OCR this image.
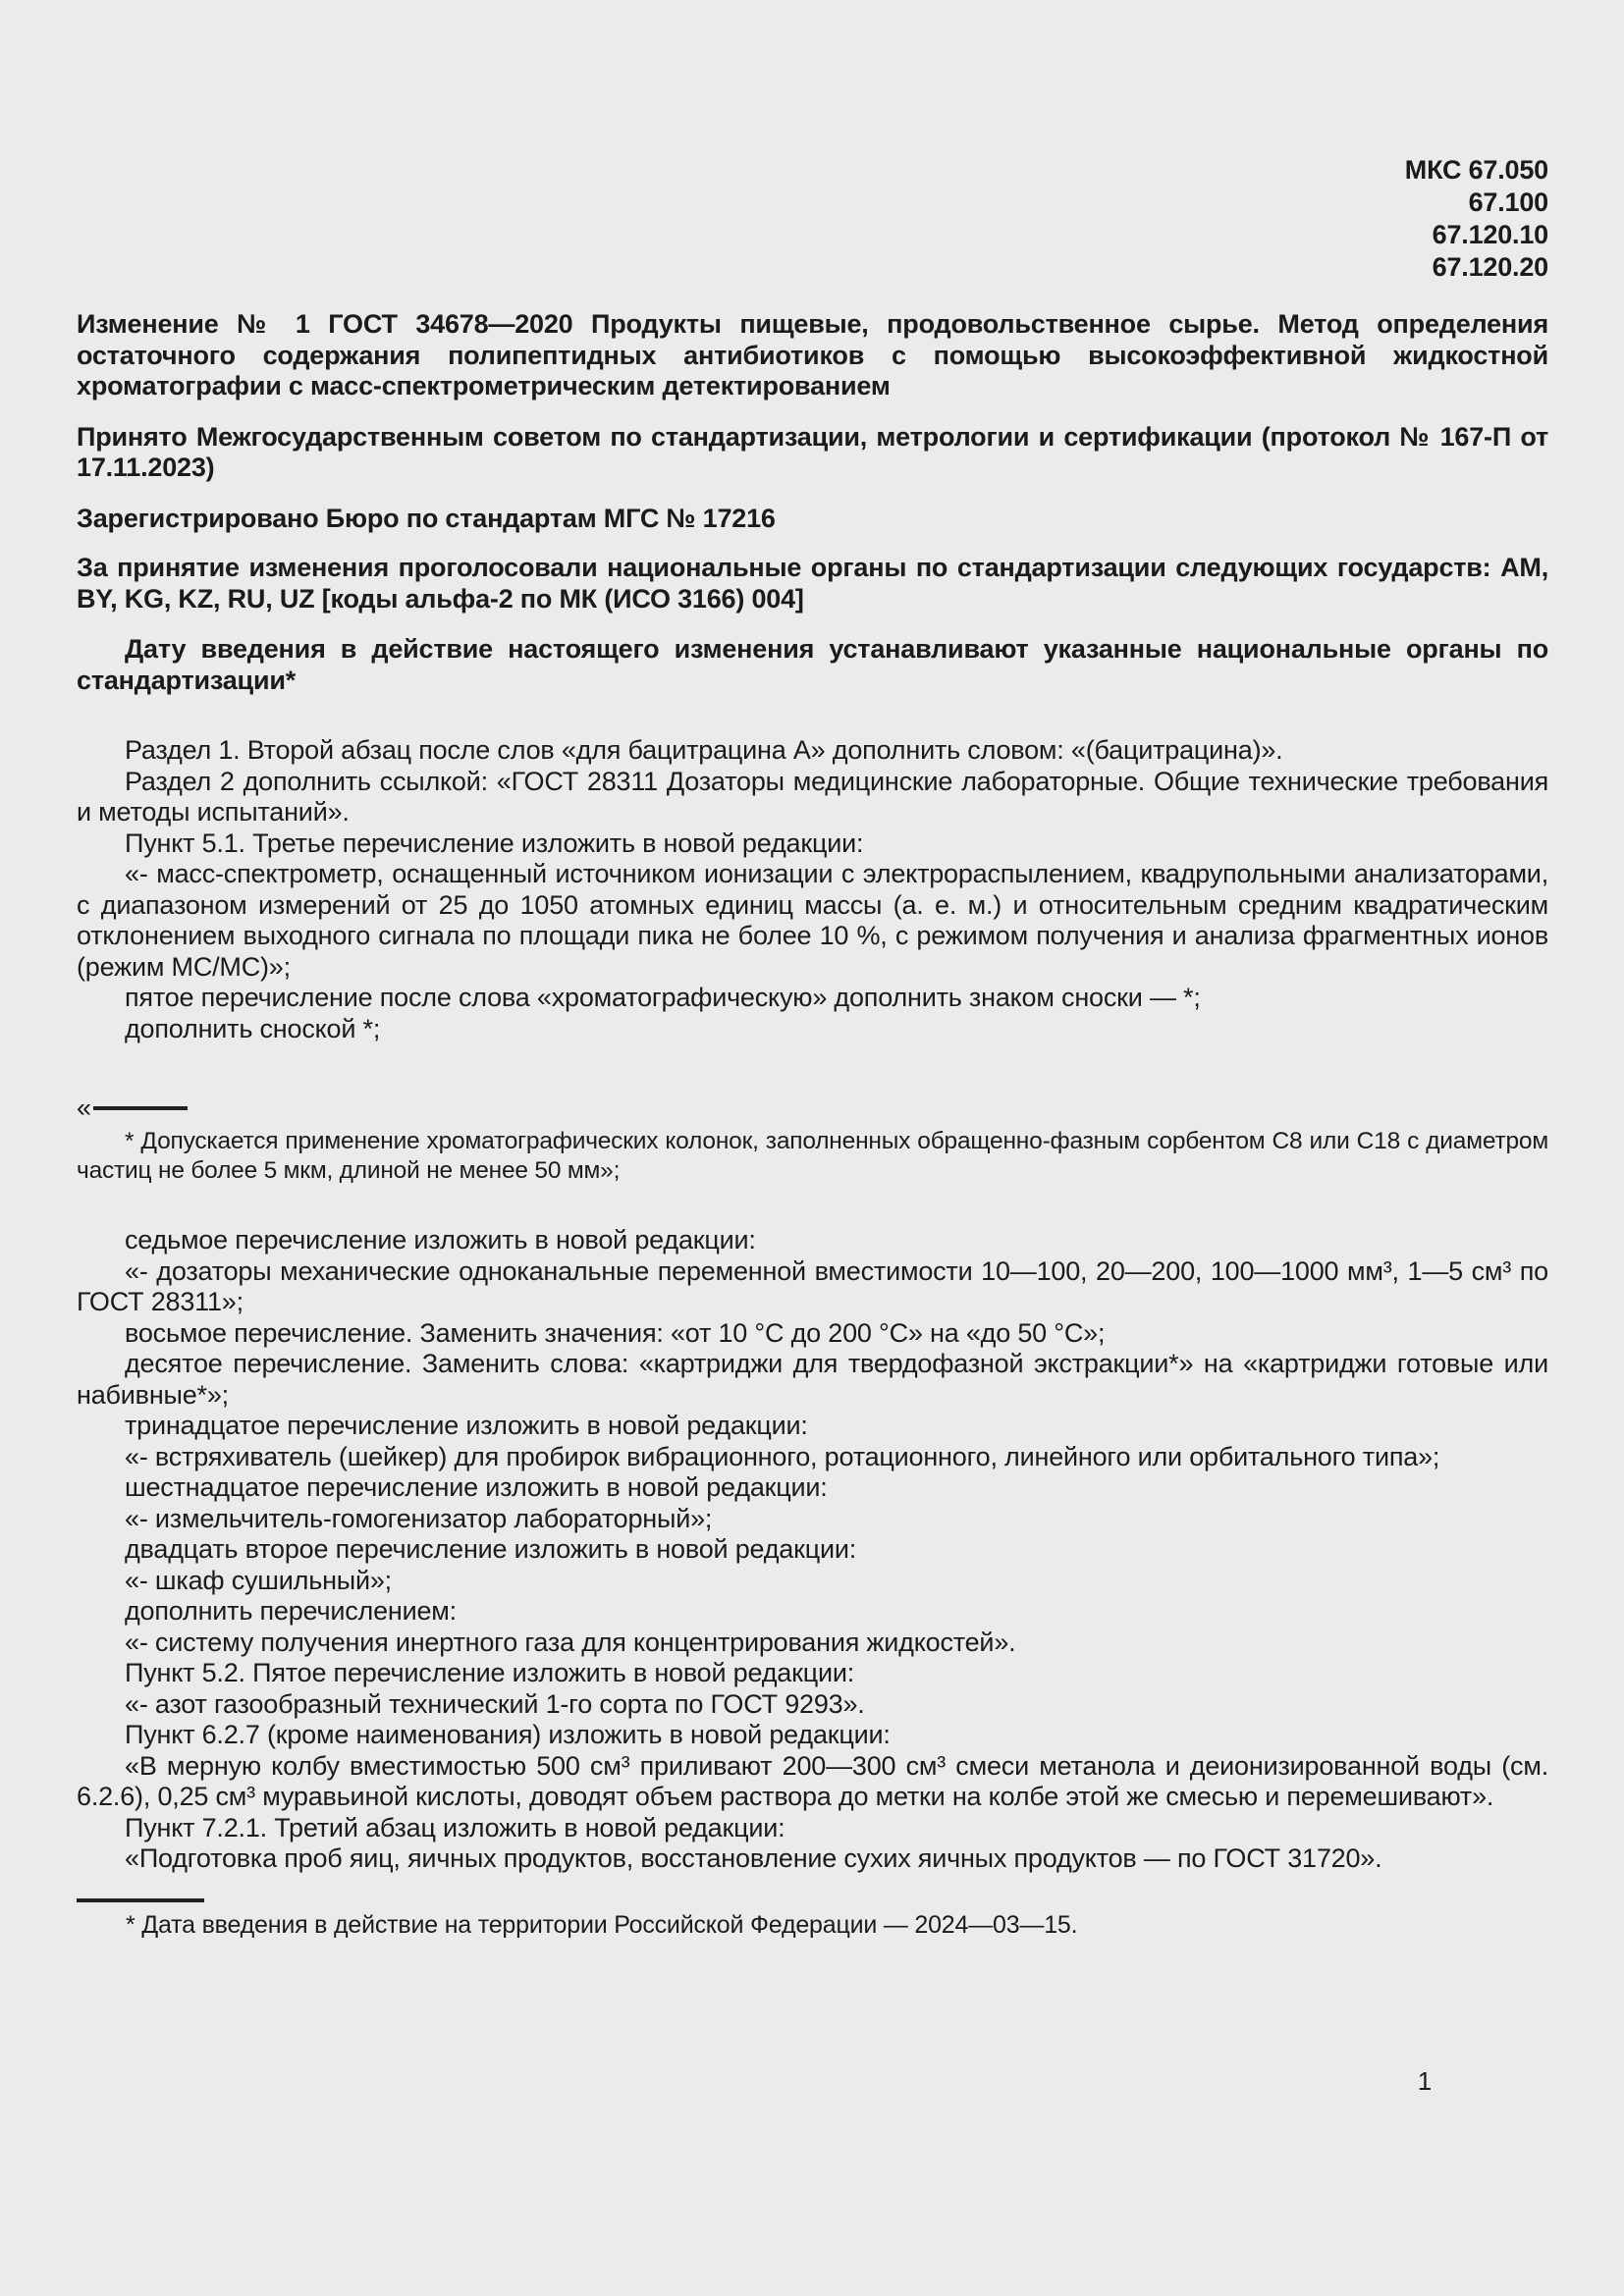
МКС 67.050
67.100
67.120.10
67.120.20

Изменение № 1 ГОСТ 34678—2020 Продукты пищевые, продовольственное сырье. Метод определения остаточного содержания полипептидных антибиотиков с помощью высокоэффективной жидкостной хроматографии с масс-спектрометрическим детектированием

Принято Межгосударственным советом по стандартизации, метрологии и сертификации (протокол № 167-П от 17.11.2023)

Зарегистрировано Бюро по стандартам МГС № 17216

За принятие изменения проголосовали национальные органы по стандартизации следующих государств: AM, BY, KG, KZ, RU, UZ [коды альфа-2 по МК (ИСО 3166) 004]

Дату введения в действие настоящего изменения устанавливают указанные национальные органы по стандартизации*

Раздел 1. Второй абзац после слов «для бацитрацина А» дополнить словом: «(бацитрацина)».

Раздел 2 дополнить ссылкой: «ГОСТ 28311 Дозаторы медицинские лабораторные. Общие технические требования и методы испытаний».

Пункт 5.1. Третье перечисление изложить в новой редакции:

«- масс-спектрометр, оснащенный источником ионизации с электрораспылением, квадрупольными анализаторами, с диапазоном измерений от 25 до 1050 атомных единиц массы (а. е. м.) и относительным средним квадратическим отклонением выходного сигнала по площади пика не более 10 %, с режимом получения и анализа фрагментных ионов (режим МС/МС)»;

пятое перечисление после слова «хроматографическую» дополнить знаком сноски — *;

дополнить сноской *;

«

* Допускается применение хроматографических колонок, заполненных обращенно-фазным сорбентом С8 или С18 с диаметром частиц не более 5 мкм, длиной не менее 50 мм»;

седьмое перечисление изложить в новой редакции:

«- дозаторы механические одноканальные переменной вместимости 10—100, 20—200, 100—1000 мм³, 1—5 см³ по ГОСТ 28311»;

восьмое перечисление. Заменить значения: «от 10 °С до 200 °С» на «до 50 °С»;

десятое перечисление. Заменить слова: «картриджи для твердофазной экстракции*» на «картриджи готовые или набивные*»;

тринадцатое перечисление изложить в новой редакции:

«- встряхиватель (шейкер) для пробирок вибрационного, ротационного, линейного или орбитального типа»;

шестнадцатое перечисление изложить в новой редакции:

«- измельчитель-гомогенизатор лабораторный»;

двадцать второе перечисление изложить в новой редакции:

«- шкаф сушильный»;

дополнить перечислением:

«- систему получения инертного газа для концентрирования жидкостей».

Пункт 5.2. Пятое перечисление изложить в новой редакции:

«- азот газообразный технический 1-го сорта по ГОСТ 9293».

Пункт 6.2.7 (кроме наименования) изложить в новой редакции:

«В мерную колбу вместимостью 500 см³ приливают 200—300 см³ смеси метанола и деионизированной воды (см. 6.2.6), 0,25 см³ муравьиной кислоты, доводят объем раствора до метки на колбе этой же смесью и перемешивают».

Пункт 7.2.1. Третий абзац изложить в новой редакции:

«Подготовка проб яиц, яичных продуктов, восстановление сухих яичных продуктов — по ГОСТ 31720».

* Дата введения в действие на территории Российской Федерации — 2024—03—15.

1
